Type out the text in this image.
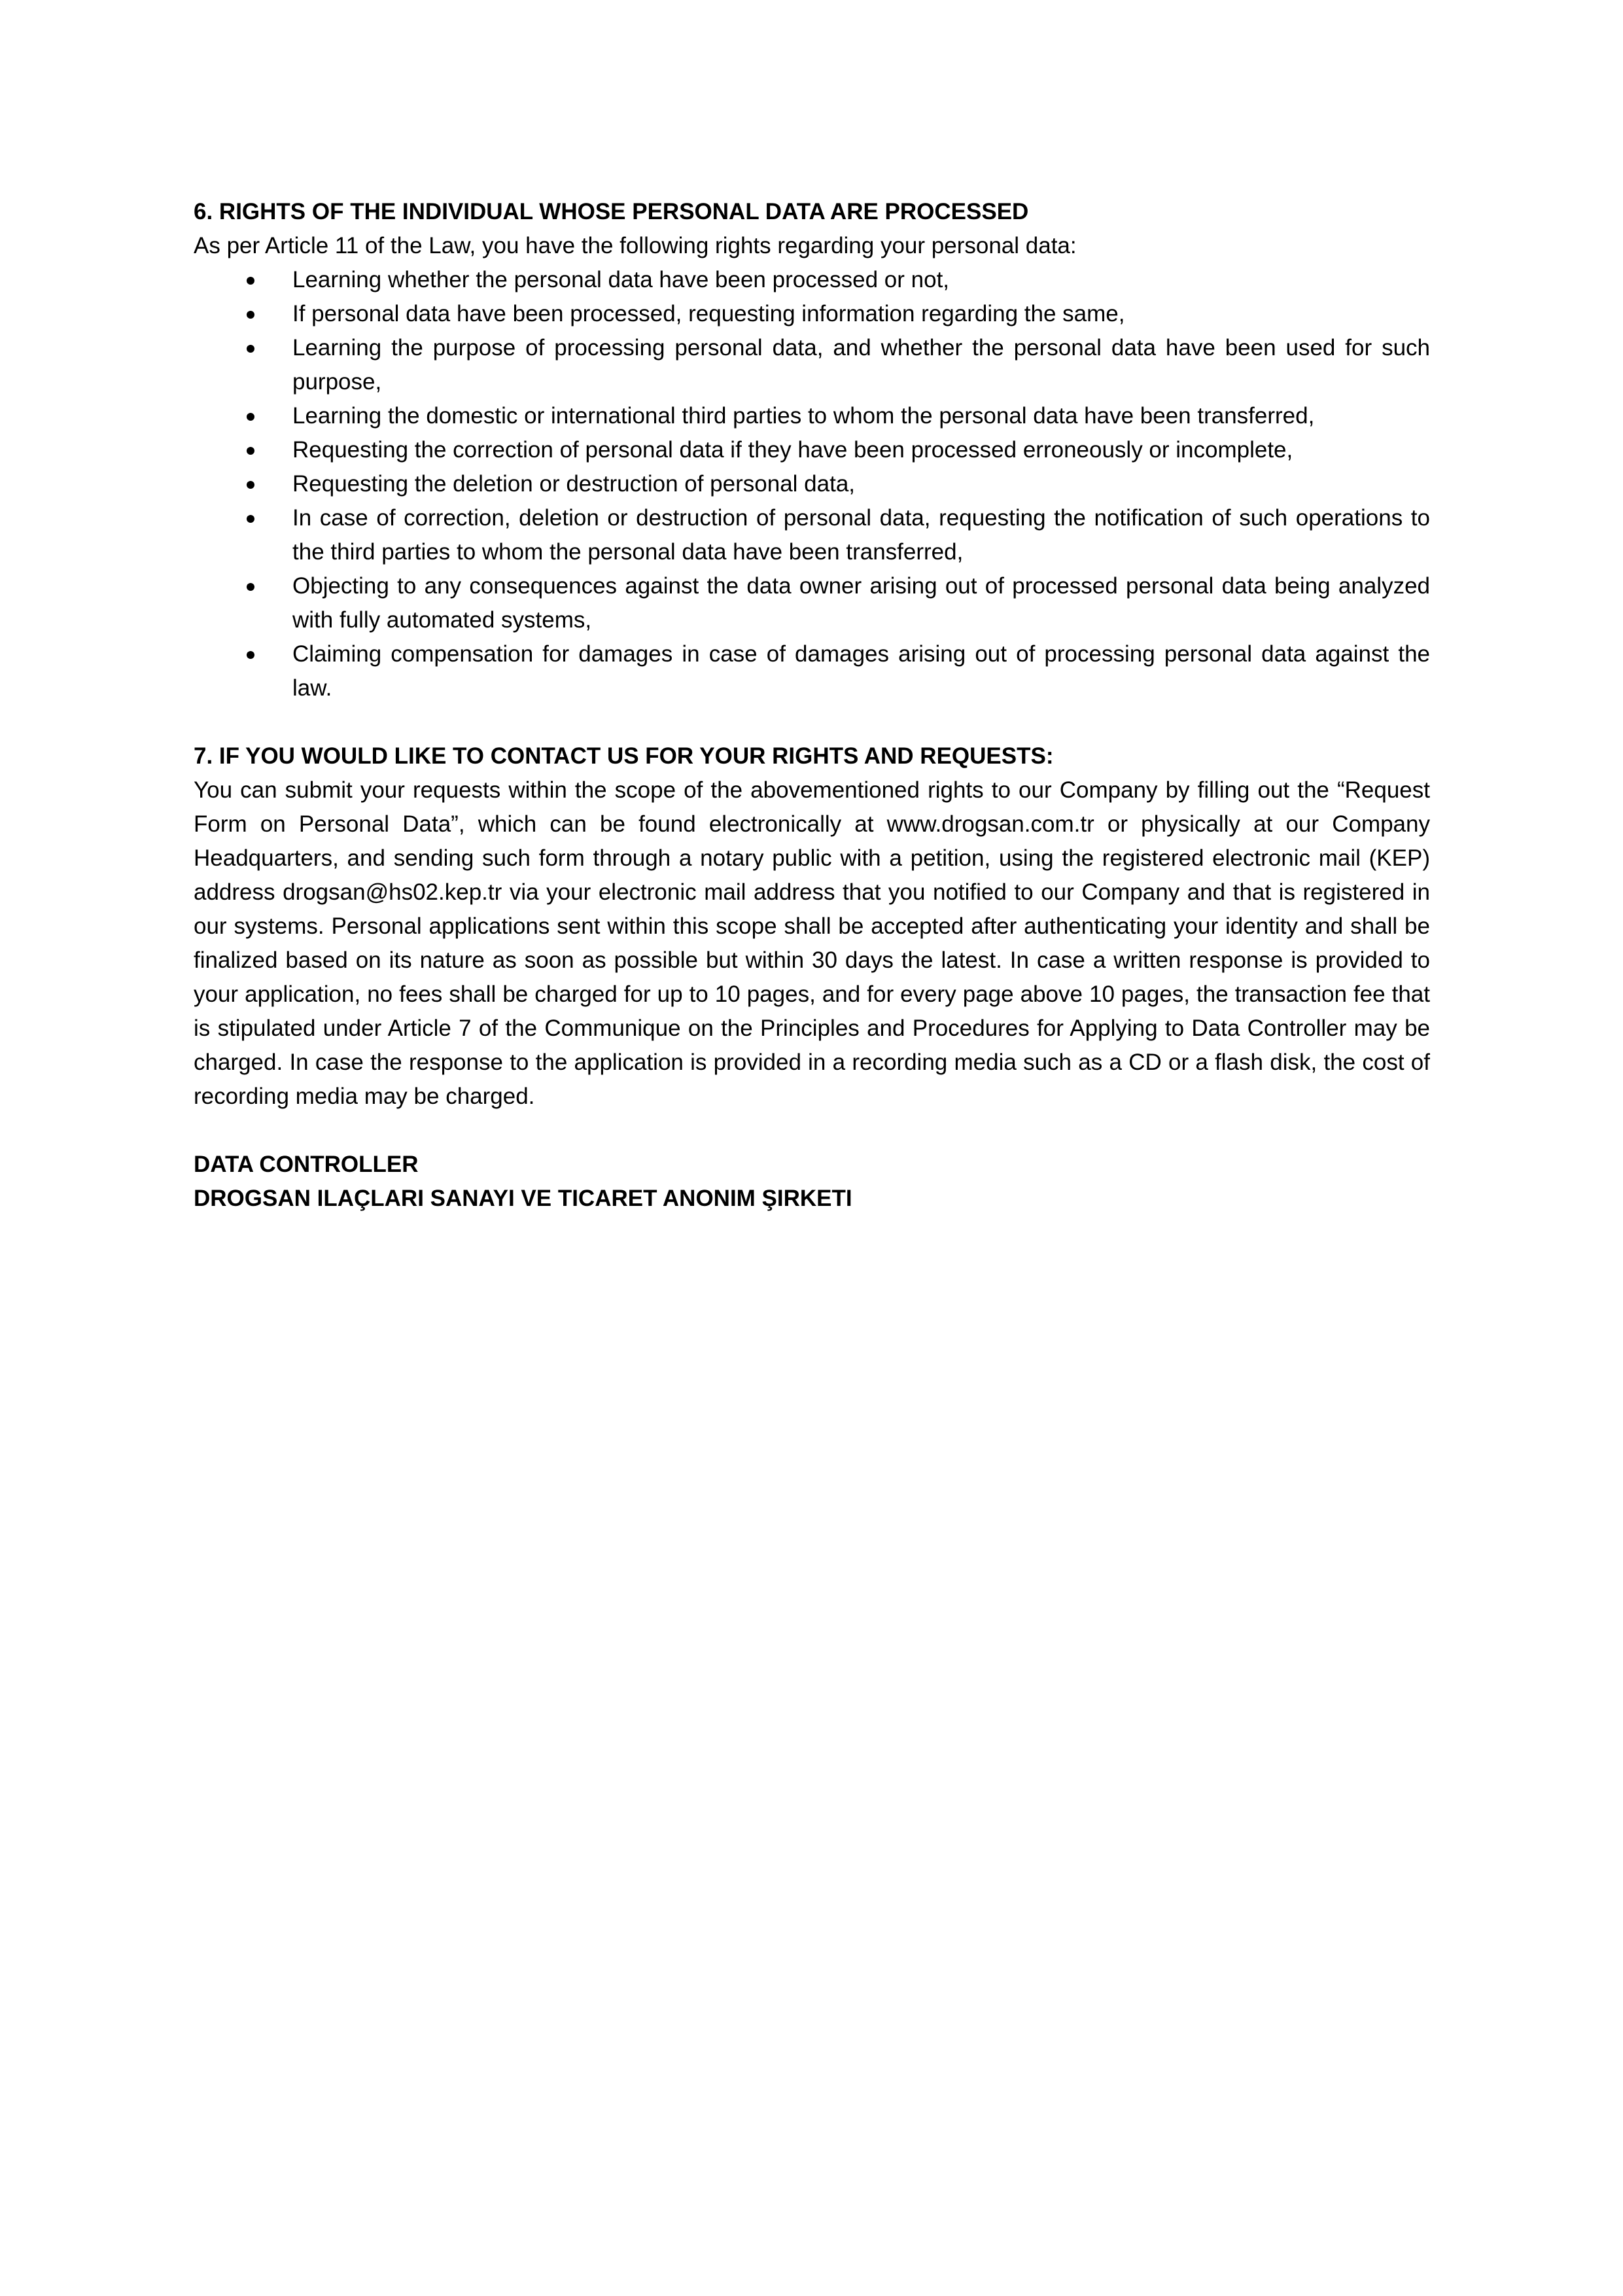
6. RIGHTS OF THE INDIVIDUAL WHOSE PERSONAL DATA ARE PROCESSED

As per Article 11 of the Law, you have the following rights regarding your personal data:

Learning whether the personal data have been processed or not,
If personal data have been processed, requesting information regarding the same,
Learning the purpose of processing personal data, and whether the personal data have been used for such purpose,
Learning the domestic or international third parties to whom the personal data have been transferred,
Requesting the correction of personal data if they have been processed erroneously or incomplete,
Requesting the deletion or destruction of personal data,
In case of correction, deletion or destruction of personal data, requesting the notification of such operations to the third parties to whom the personal data have been transferred,
Objecting to any consequences against the data owner arising out of processed personal data being analyzed with fully automated systems,
Claiming compensation for damages in case of damages arising out of processing personal data against the law.

7. IF YOU WOULD LIKE TO CONTACT US FOR YOUR RIGHTS AND REQUESTS:

You can submit your requests within the scope of the abovementioned rights to our Company by filling out the “Request Form on Personal Data”, which can be found electronically at www.drogsan.com.tr or physically at our Company Headquarters, and sending such form through a notary public with a petition, using the registered electronic mail (KEP) address drogsan@hs02.kep.tr via your electronic mail address that you notified to our Company and that is registered in our systems. Personal applications sent within this scope shall be accepted after authenticating your identity and shall be finalized based on its nature as soon as possible but within 30 days the latest. In case a written response is provided to your application, no fees shall be charged for up to 10 pages, and for every page above 10 pages, the transaction fee that is stipulated under Article 7 of the Communique on the Principles and Procedures for Applying to Data Controller may be charged. In case the response to the application is provided in a recording media such as a CD or a flash disk, the cost of recording media may be charged.

DATA CONTROLLER

DROGSAN ILAÇLARI SANAYI VE TICARET ANONIM ŞIRKETI
